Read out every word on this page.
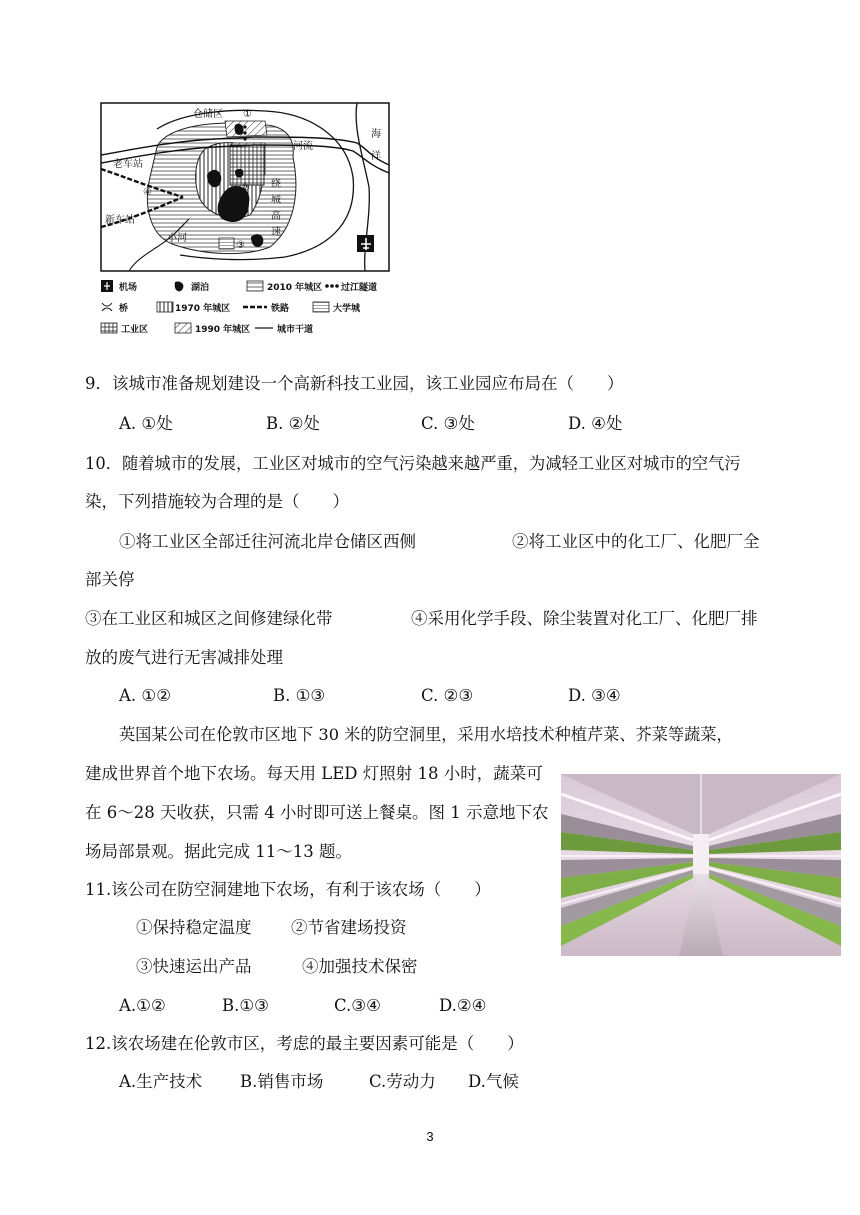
仓储区 ①
河流
海
洋
老车站
④	② 绕
城
高
速
新车站
小河
③
机场	湖泊	2010 年城区 过江隧道
桥	1970 年城区	铁路	大学城
工业区	1990 年城区	城市干道
9．该城市准备规划建设一个高新科技工业园，该工业园应布局在（　　）
A. ①处	B. ②处	C. ③处	D. ④处
10．随着城市的发展，工业区对城市的空气污染越来越严重，为减轻工业区对城市的空气污
染，下列措施较为合理的是（　　）
①将工业区全部迁往河流北岸仓储区西侧	②将工业区中的化工厂、化肥厂全
部关停
③在工业区和城区之间修建绿化带	④采用化学手段、除尘装置对化工厂、化肥厂排
放的废气进行无害减排处理
A. ①②	B. ①③	C. ②③	D. ③④
英国某公司在伦敦市区地下 30 米的防空洞里，采用水培技术种植芹菜、芥菜等蔬菜，
建成世界首个地下农场。每天用 LED 灯照射 18 小时，蔬菜可
在 6～28 天收获，只需 4 小时即可送上餐桌。图 1 示意地下农
场局部景观。据此完成 11～13 题。
11.该公司在防空洞建地下农场，有利于该农场（　　）
①保持稳定温度 ②节省建场投资
③快速运出产品	④加强技术保密
A.①②	B.①③	C.③④	D.②④
12.该农场建在伦敦市区，考虑的最主要因素可能是（　　）
A.生产技术 B.销售市场	C.劳动力 D.气候
3
